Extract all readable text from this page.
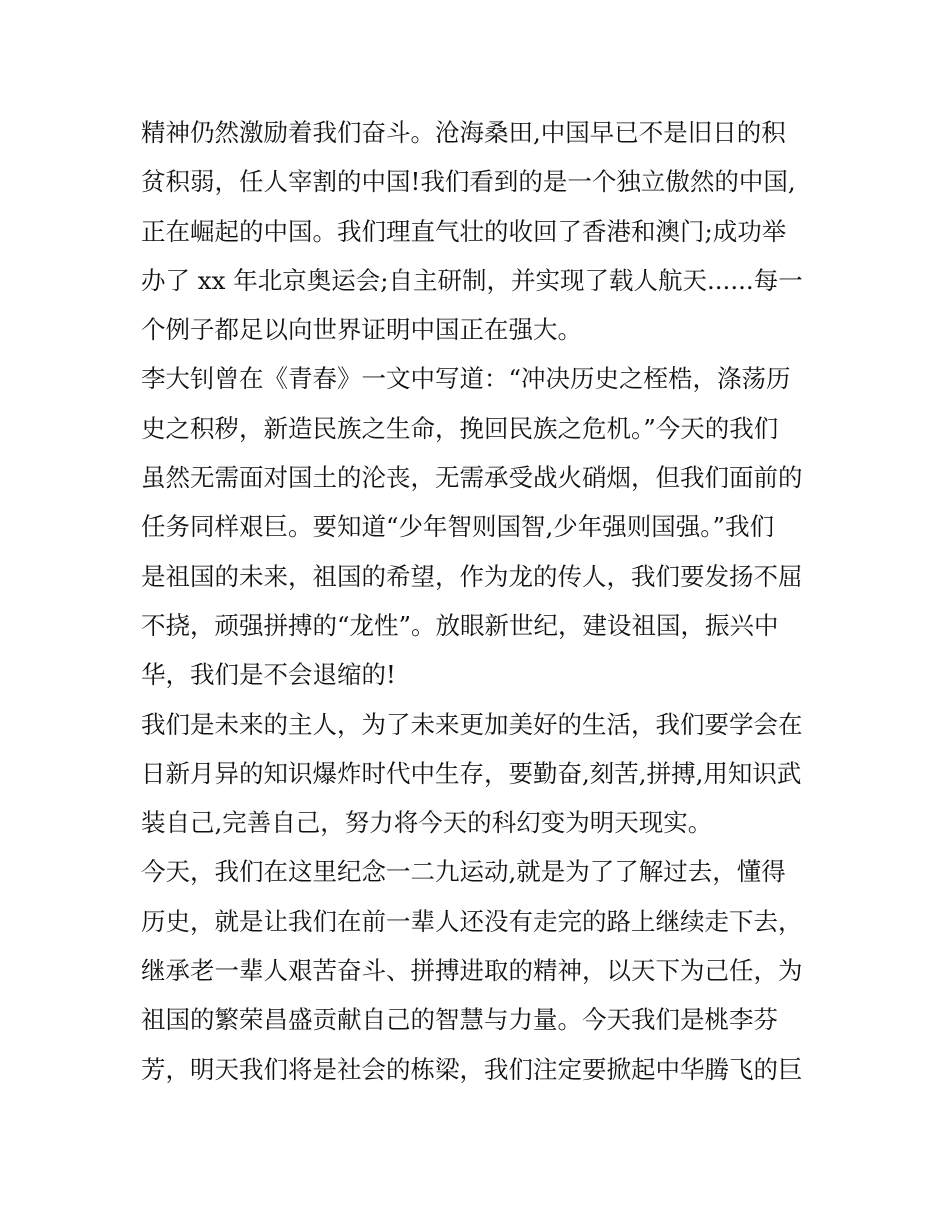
精神仍然激励着我们奋斗。沧海桑田,中国早已不是旧日的积
贫积弱，任人宰割的中国!我们看到的是一个独立傲然的中国,
正在崛起的中国。我们理直气壮的收回了香港和澳门;成功举
办了 xx 年北京奥运会;自主研制，并实现了载人航天......每一
个例子都足以向世界证明中国正在强大。
李大钊曾在《青春》一文中写道：“冲决历史之桎梏，涤荡历
史之积秽，新造民族之生命，挽回民族之危机。”今天的我们
虽然无需面对国土的沦丧，无需承受战火硝烟，但我们面前的
任务同样艰巨。要知道“少年智则国智,少年强则国强。”我们
是祖国的未来，祖国的希望，作为龙的传人，我们要发扬不屈
不挠，顽强拼搏的“龙性”。放眼新世纪，建设祖国，振兴中
华，我们是不会退缩的!
我们是未来的主人，为了未来更加美好的生活，我们要学会在
日新月异的知识爆炸时代中生存，要勤奋,刻苦,拼搏,用知识武
装自己,完善自己，努力将今天的科幻变为明天现实。
今天，我们在这里纪念一二九运动,就是为了了解过去，懂得
历史，就是让我们在前一辈人还没有走完的路上继续走下去，
继承老一辈人艰苦奋斗、拼搏进取的精神，以天下为己任，为
祖国的繁荣昌盛贡献自己的智慧与力量。今天我们是桃李芬
芳，明天我们将是社会的栋梁，我们注定要掀起中华腾飞的巨
